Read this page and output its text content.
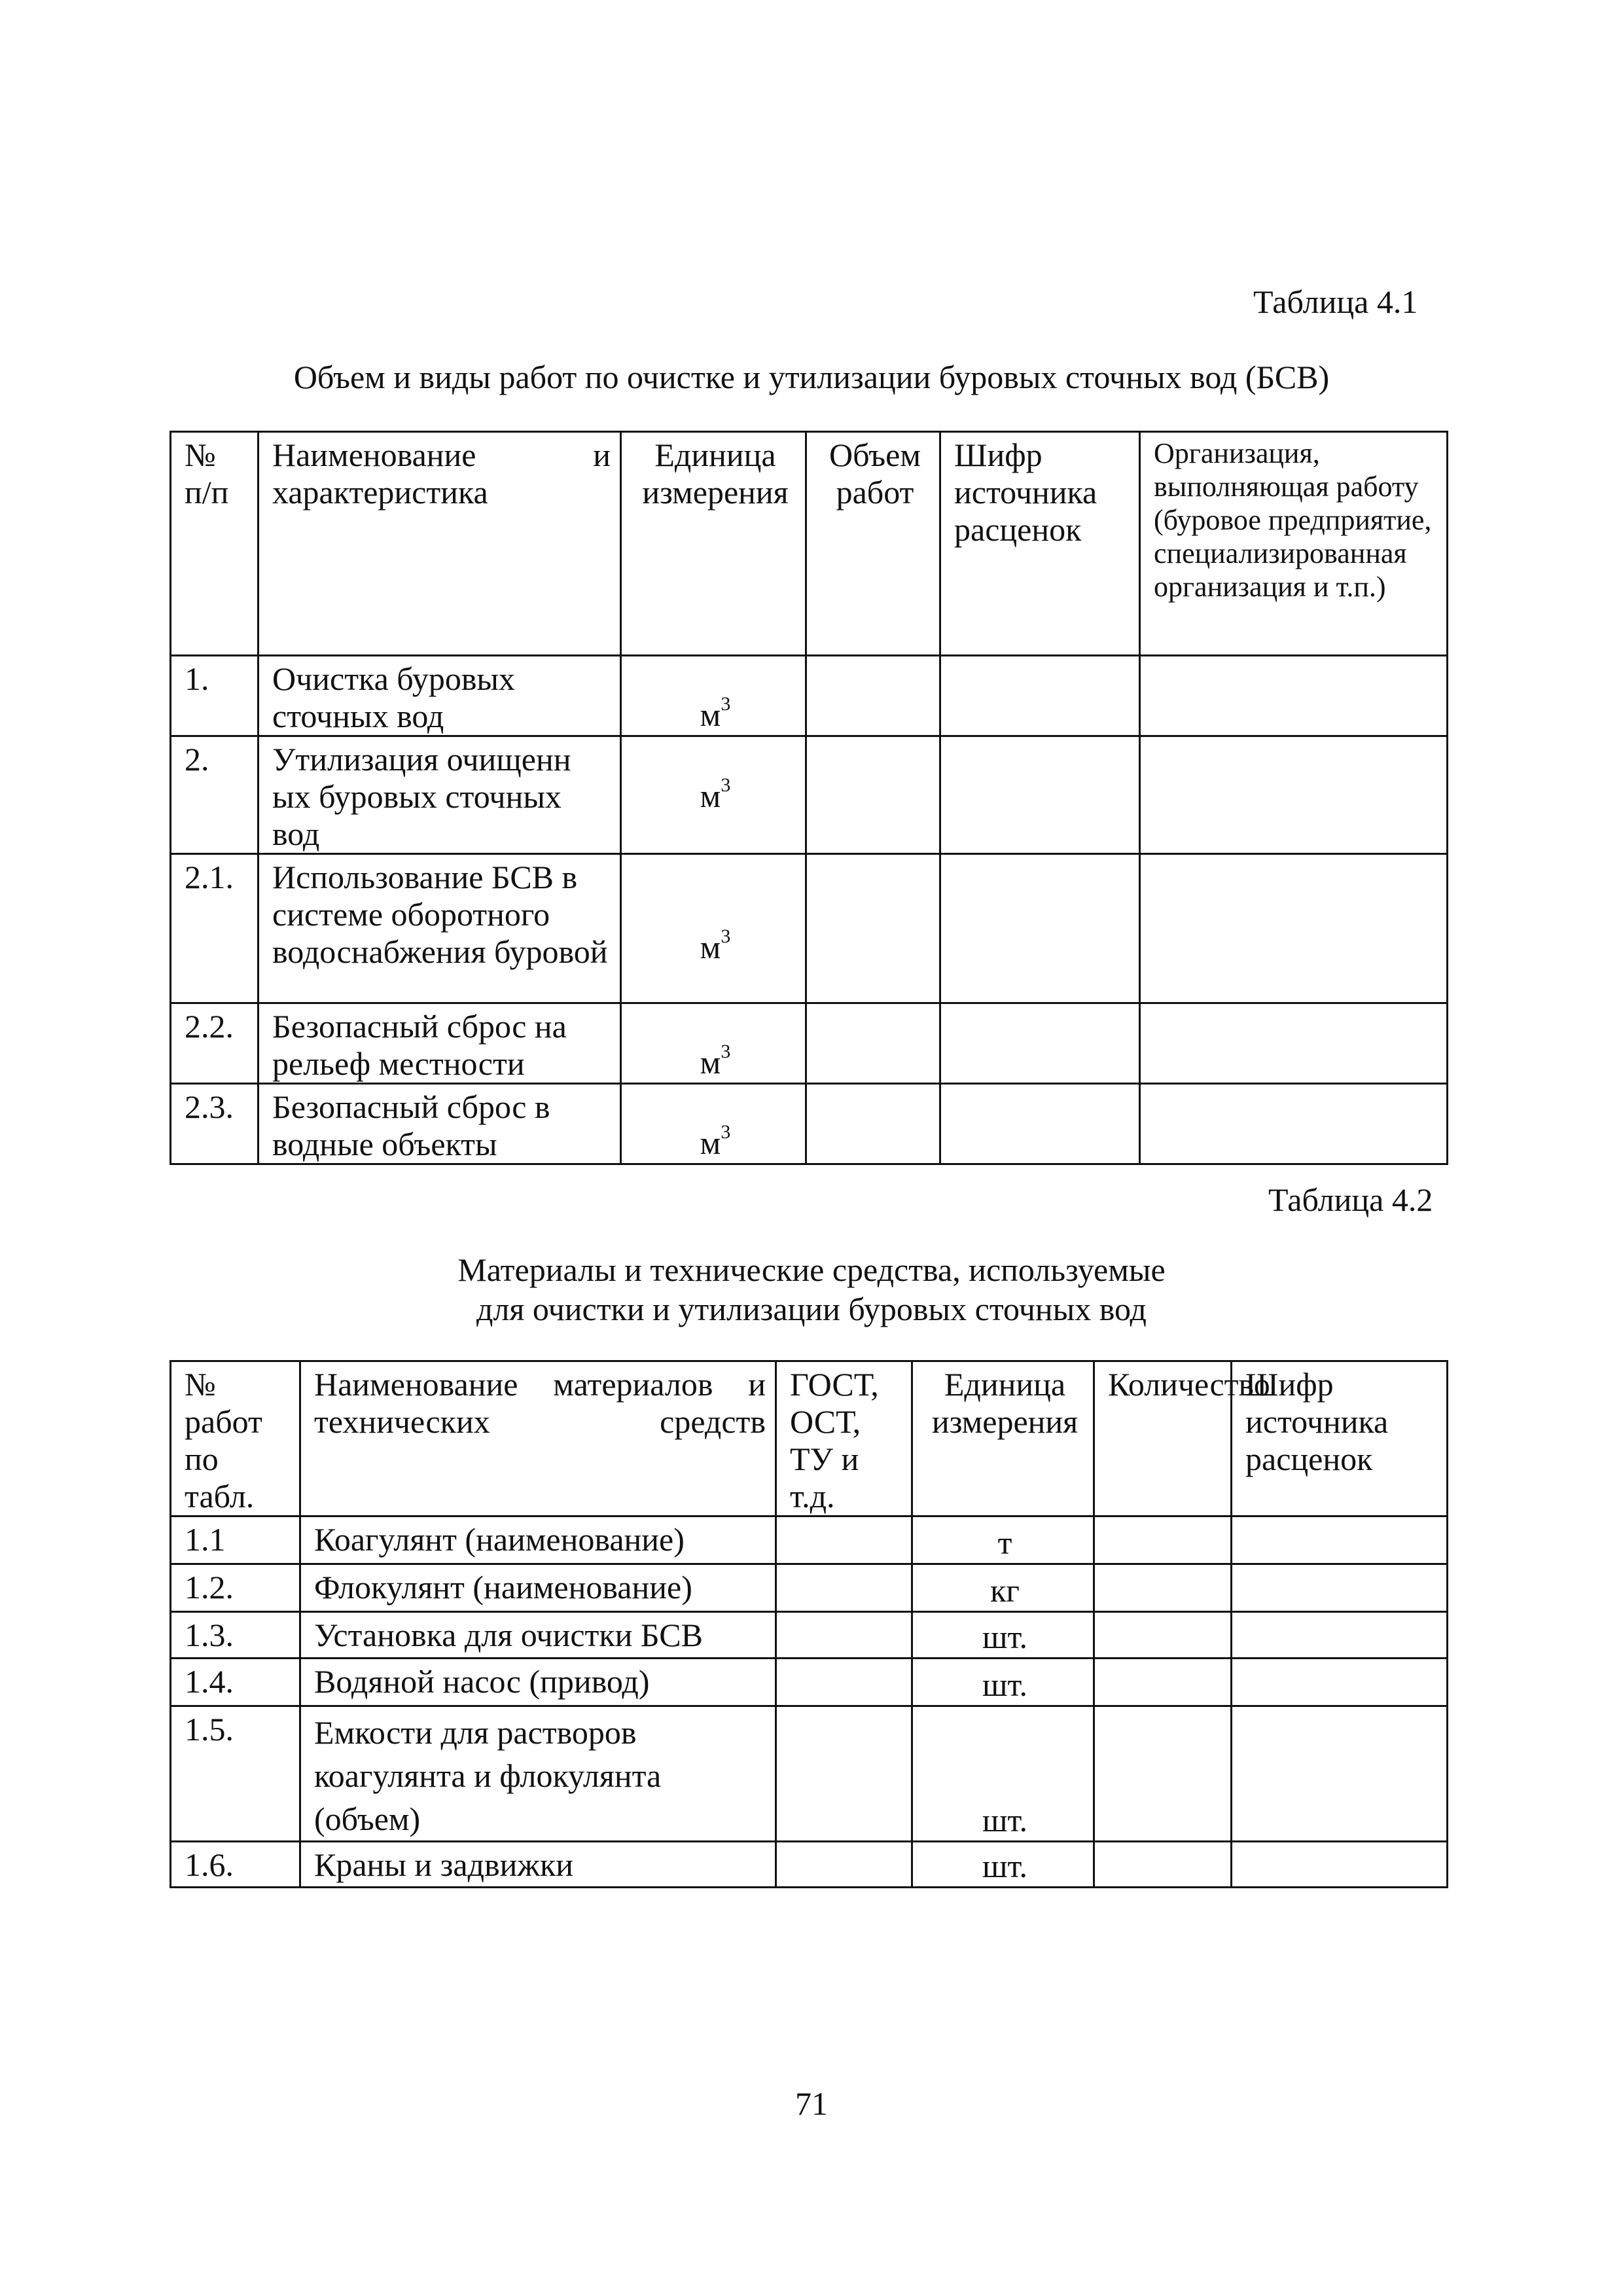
Таблица 4.1
Объем и виды работ по очистке и утилизации буровых сточных вод (БСВ)
№ п/п	Наименование и характеристика	Единица измерения	Объем работ	Шифр источника расценок	Организация, выполняющая работу (буровое предприятие, специализированная организация и т.п.)
1.	Очистка буровых сточных вод	$м^3$			
2.	Утилизация очищенн ых буровых сточных вод	$м^3$			
2.1.	Использование БСВ в системе оборотного водоснабжения буровой	$м^3$			
2.2.	Безопасный сброс на рельеф местности	$м^3$			
2.3.	Безопасный сброс в водные объекты	$м^3$			
Таблица 4.2
Материалы и технические средства, используемые
для очистки и утилизации буровых сточных вод
№ работ по табл.	Наименование материалов и технических средств	ГОСТ, ОСТ, ТУ и т.д.	Единица измерения	Количество	Шифр источника расценок
1.1	Коагулянт (наименование)		т		
1.2.	Флокулянт (наименование)		кг		
1.3.	Установка для очистки БСВ		шт.		
1.4.	Водяной насос (привод)		шт.		
1.5.	Емкости для растворов коагулянта и флокулянта (объем)		шт.		
1.6.	Краны и задвижки		шт.		
71
